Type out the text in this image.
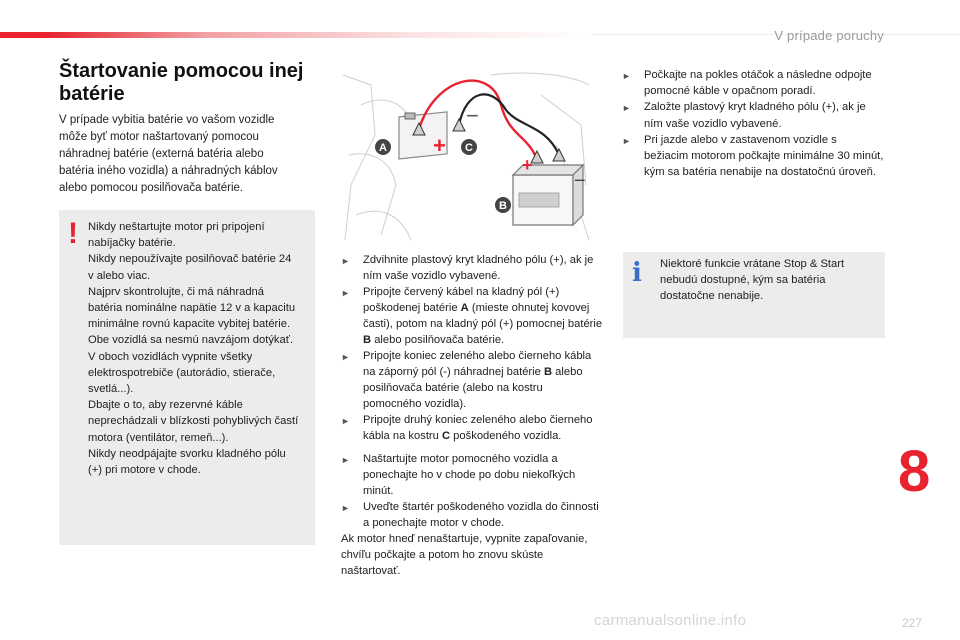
V prípade poruchy
Štartovanie pomocou inej batérie
V prípade vybitia batérie vo vašom vozidle môže byť motor naštartovaný pomocou náhradnej batérie (externá batéria alebo batéria iného vozidla) a náhradných káblov alebo pomocou posilňovača batérie.
! Nikdy neštartujte motor pri pripojení nabíjačky batérie.
Nikdy nepoužívajte posilňovač batérie 24 v alebo viac.
Najprv skontrolujte, či má náhradná batéria nominálne napätie 12 v a kapacitu minimálne rovnú kapacite vybitej batérie.
Obe vozidlá sa nesmú navzájom dotýkať.
V oboch vozidlách vypnite všetky elektrospotrebiče (autorádio, stierače, svetlá...).
Dbajte o to, aby rezervné káble neprechádzali v blízkosti pohyblivých častí motora (ventilátor, remeň...).
Nikdy neodpájajte svorku kladného pólu (+) pri motore v chode.
+
−
+
−
A	C
B
► Zdvihnite plastový kryt kladného pólu (+), ak je ním vaše vozidlo vybavené.
► Pripojte červený kábel na kladný pól (+) poškodenej batérie A (mieste ohnutej kovovej časti), potom na kladný pól (+) pomocnej batérie B alebo posilňovača batérie.
► Pripojte koniec zeleného alebo čierneho kábla na záporný pól (-) náhradnej batérie B alebo posilňovača batérie (alebo na kostru pomocného vozidla).
► Pripojte druhý koniec zeleného alebo čierneho kábla na kostru C poškodeného vozidla.
► Naštartujte motor pomocného vozidla a ponechajte ho v chode po dobu niekoľkých minút.
► Uveďte štartér poškodeného vozidla do činnosti a ponechajte motor v chode.
Ak motor hneď nenaštartuje, vypnite zapaľovanie, chvíľu počkajte a potom ho znovu skúste naštartovať.
► Počkajte na pokles otáčok a následne odpojte pomocné káble v opačnom poradí.
► Založte plastový kryt kladného pólu (+), ak je ním vaše vozidlo vybavené.
► Pri jazde alebo v zastavenom vozidle s bežiacim motorom počkajte minimálne 30 minút, kým sa batéria nenabije na dostatočnú úroveň.
i Niektoré funkcie vrátane Stop & Start nebudú dostupné, kým sa batéria dostatočne nenabije.
8
carmanualsonline.info	227
